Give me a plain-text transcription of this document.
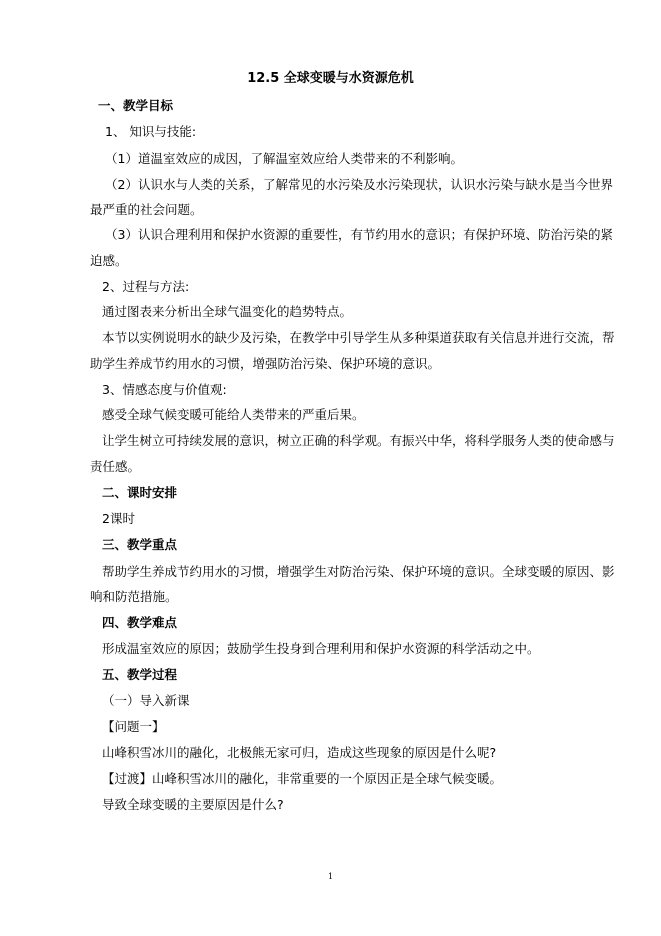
12.5 全球变暖与水资源危机
一、教学目标
1、 知识与技能:
（1）道温室效应的成因，了解温室效应给人类带来的不利影响。
（2）认识水与人类的关系，了解常见的水污染及水污染现状，认识水污染与缺水是当今世界
最严重的社会问题。
（3）认识合理利用和保护水资源的重要性，有节约用水的意识；有保护环境、防治污染的紧
迫感。
2、过程与方法:
通过图表来分析出全球气温变化的趋势特点。
本节以实例说明水的缺少及污染，在教学中引导学生从多种渠道获取有关信息并进行交流，帮
助学生养成节约用水的习惯，增强防治污染、保护环境的意识。
3、情感态度与价值观:
感受全球气候变暖可能给人类带来的严重后果。
让学生树立可持续发展的意识，树立正确的科学观。有振兴中华，将科学服务人类的使命感与
责任感。
二、课时安排
2课时
三、教学重点
帮助学生养成节约用水的习惯，增强学生对防治污染、保护环境的意识。全球变暖的原因、影
响和防范措施。
四、教学难点
形成温室效应的原因；鼓励学生投身到合理利用和保护水资源的科学活动之中。
五、教学过程
（一）导入新课
【问题一】
山峰积雪冰川的融化，北极熊无家可归，造成这些现象的原因是什么呢?
【过渡】山峰积雪冰川的融化，非常重要的一个原因正是全球气候变暖。
导致全球变暖的主要原因是什么?
1
